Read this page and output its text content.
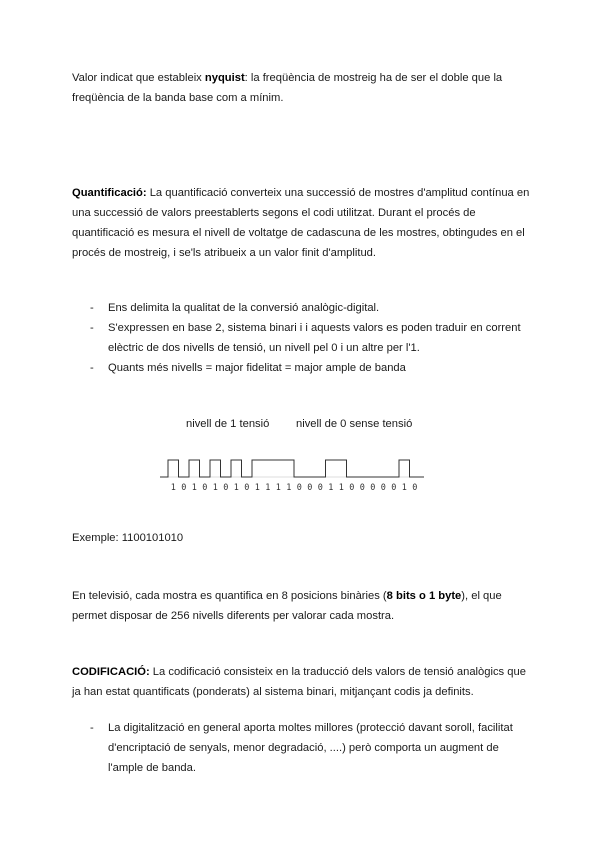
Valor indicat que estableix nyquist: la freqüència de mostreig ha de ser el doble que la freqüència de la banda base com a mínim.

Quantificació: La quantificació converteix una successió de mostres d'amplitud contínua en una successió de valors preestablerts segons el codi utilitzat. Durant el procés de quantificació es mesura el nivell de voltatge de cadascuna de les mostres, obtingudes en el procés de mostreig, i se'ls atribueix a un valor finit d'amplitud.

- Ens delimita la qualitat de la conversió analògic-digital.
- S'expressen en base 2, sistema binari i i aquests valors es poden traduir en corrent elèctric de dos nivells de tensió, un nivell pel 0 i un altre per l'1.
- Quants més nivells = major fidelitat = major ample de banda
nivell de 1 tensió nivell de 0 sense tensió
1 0 1 0 1 0 1 0 1 1 1 1 0 0 0 1 1 0 0 0 0 0 1 0

Exemple: 1100101010

En televisió, cada mostra es quantifica en 8 posicions binàries (8 bits o 1 byte), el que permet disposar de 256 nivells diferents per valorar cada mostra.

CODIFICACIÓ: La codificació consisteix en la traducció dels valors de tensió analògics que ja han estat quantificats (ponderats) al sistema binari, mitjançant codis ja definits.

- La digitalització en general aporta moltes millores (protecció davant soroll, facilitat d'encriptació de senyals, menor degradació, ....) però comporta un augment de l'ample de banda.
